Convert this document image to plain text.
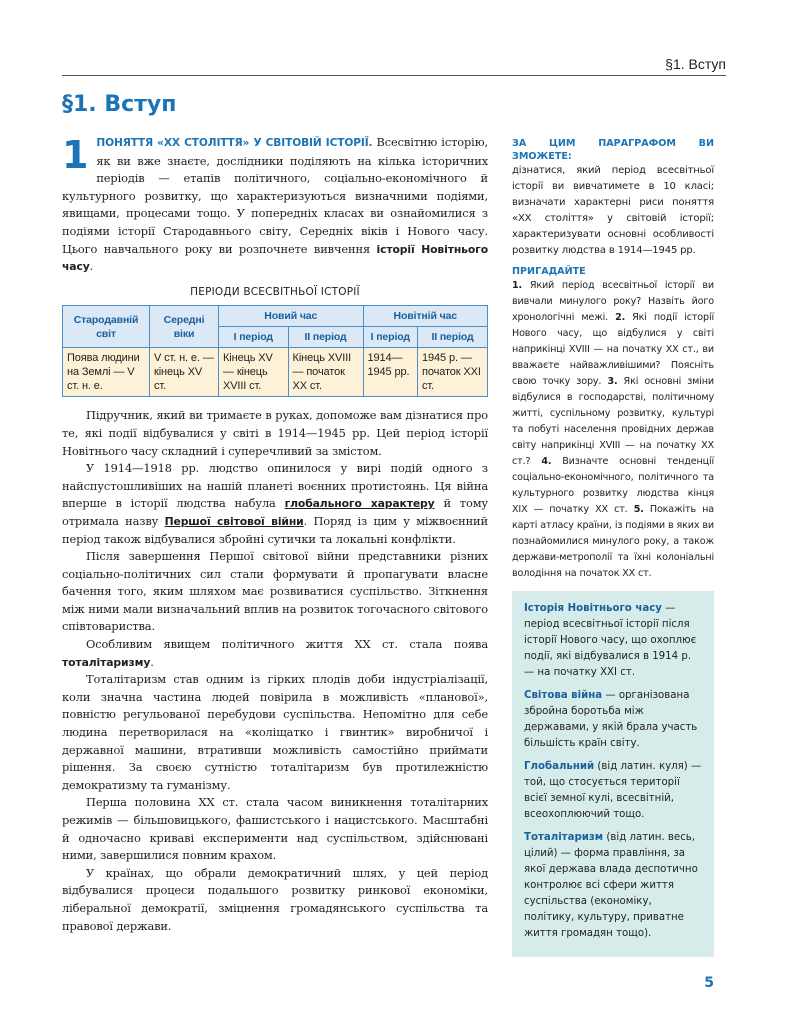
§1. Вступ
§1. Вступ

1 ПОНЯТТЯ «ХХ СТОЛІТТЯ» У СВІТОВІЙ ІСТОРІЇ. Всесвітню історію, як ви вже знаєте, дослідники поділяють на кілька історичних періодів — етапів політичного, соціально-економічного й культурного розвитку, що характеризуються визначними подіями, явищами, процесами тощо. У попередніх класах ви ознайомилися з подіями історії Стародавнього світу, Середніх віків і Нового часу. Цього навчального року ви розпочнете вивчення історії Новітнього часу.

ПЕРІОДИ ВСЕСВІТНЬОЇ ІСТОРІЇ
Стародавній світ	Середні віки	Новий час		Новітній час	
		І період	ІІ період	І період	ІІ період
Поява людини на Землі — V ст. н. е.	V ст. н. е. — кінець XV ст.	Кінець XV — кінець XVIII ст.	Кінець XVIII — початок XX ст.	1914— 1945 рр.	1945 р. — початок XXI ст.

Підручник, який ви тримаєте в руках, допоможе вам дізнатися про те, які події відбувалися у світі в 1914—1945 рр. Цей період історії Новітнього часу складний і суперечливий за змістом.

У 1914—1918 рр. людство опинилося у вирі подій одного з найспустошливіших на нашій планеті воєнних протистоянь. Ця війна вперше в історії людства набула глобального характеру й тому отримала назву Першої світової війни. Поряд із цим у міжвоєнний період також відбувалися збройні сутички та локальні конфлікти.

Після завершення Першої світової війни представники різних соціально-політичних сил стали формувати й пропагувати власне бачення того, яким шляхом має розвиватися суспільство. Зіткнення між ними мали визначальний вплив на розвиток тогочасного світового співтовариства.

Особливим явищем політичного життя XX ст. стала поява тоталітаризму.

Тоталітаризм став одним із гірких плодів доби індустріалізації, коли значна частина людей повірила в можливість «планової», повністю регульованої перебудови суспільства. Непомітно для себе людина перетворилася на «коліщатко і гвинтик» виробничої і державної машини, втративши можливість самостійно приймати рішення. За своєю сутністю тоталітаризм був протилежністю демократизму та гуманізму.

Перша половина XX ст. стала часом виникнення тоталітарних режимів — більшовицького, фашистського і нацистського. Масштабні й одночасно криваві експерименти над суспільством, здійснювані ними, завершилися повним крахом.

У країнах, що обрали демократичний шлях, у цей період відбувалися процеси подальшого розвитку ринкової економіки, ліберальної демократії, зміцнення громадянського суспільства та правової держави.

ЗА ЦИМ ПАРАГРАФОМ ВИ ЗМОЖЕТЕ:

дізнатися, який період всесвітньої історії ви вивчатимете в 10 класі; визначати характерні риси поняття «ХХ століття» у світовій історії; характеризувати основні особливості розвитку людства в 1914—1945 рр.

ПРИГАДАЙТЕ

1. Який період всесвітньої історії ви вивчали минулого року? Назвіть його хронологічні межі. 2. Які події історії Нового часу, що відбулися у світі наприкінці XVIII — на початку XX ст., ви вважаєте найважливішими? Поясніть свою точку зору. 3. Які основні зміни відбулися в господарстві, політичному житті, суспільному розвитку, культурі та побуті населення провідних держав світу наприкінці XVIII — на початку XX ст.? 4. Визначте основні тенденції соціально-економічного, політичного та культурного розвитку людства кінця XIX — початку XX ст. 5. Покажіть на карті атласу країни, із подіями в яких ви познайомилися минулого року, а також держави-метрополії та їхні колоніальні володіння на початок XX ст.

Історія Новітнього часу — період всесвітньої історії після історії Нового часу, що охоплює події, які відбувалися в 1914 р. — на початку XXI ст.

Світова війна — організована збройна боротьба між державами, у якій брала участь більшість країн світу.

Глобальний (від латин. куля) — той, що стосується території всієї земної кулі, всесвітній, всеохоплюючий тощо.

Тоталітаризм (від латин. весь, цілий) — форма правління, за якої держава влада деспотично контролює всі сфери життя суспільства (економіку, політику, культуру, приватне життя громадян тощо).

5
